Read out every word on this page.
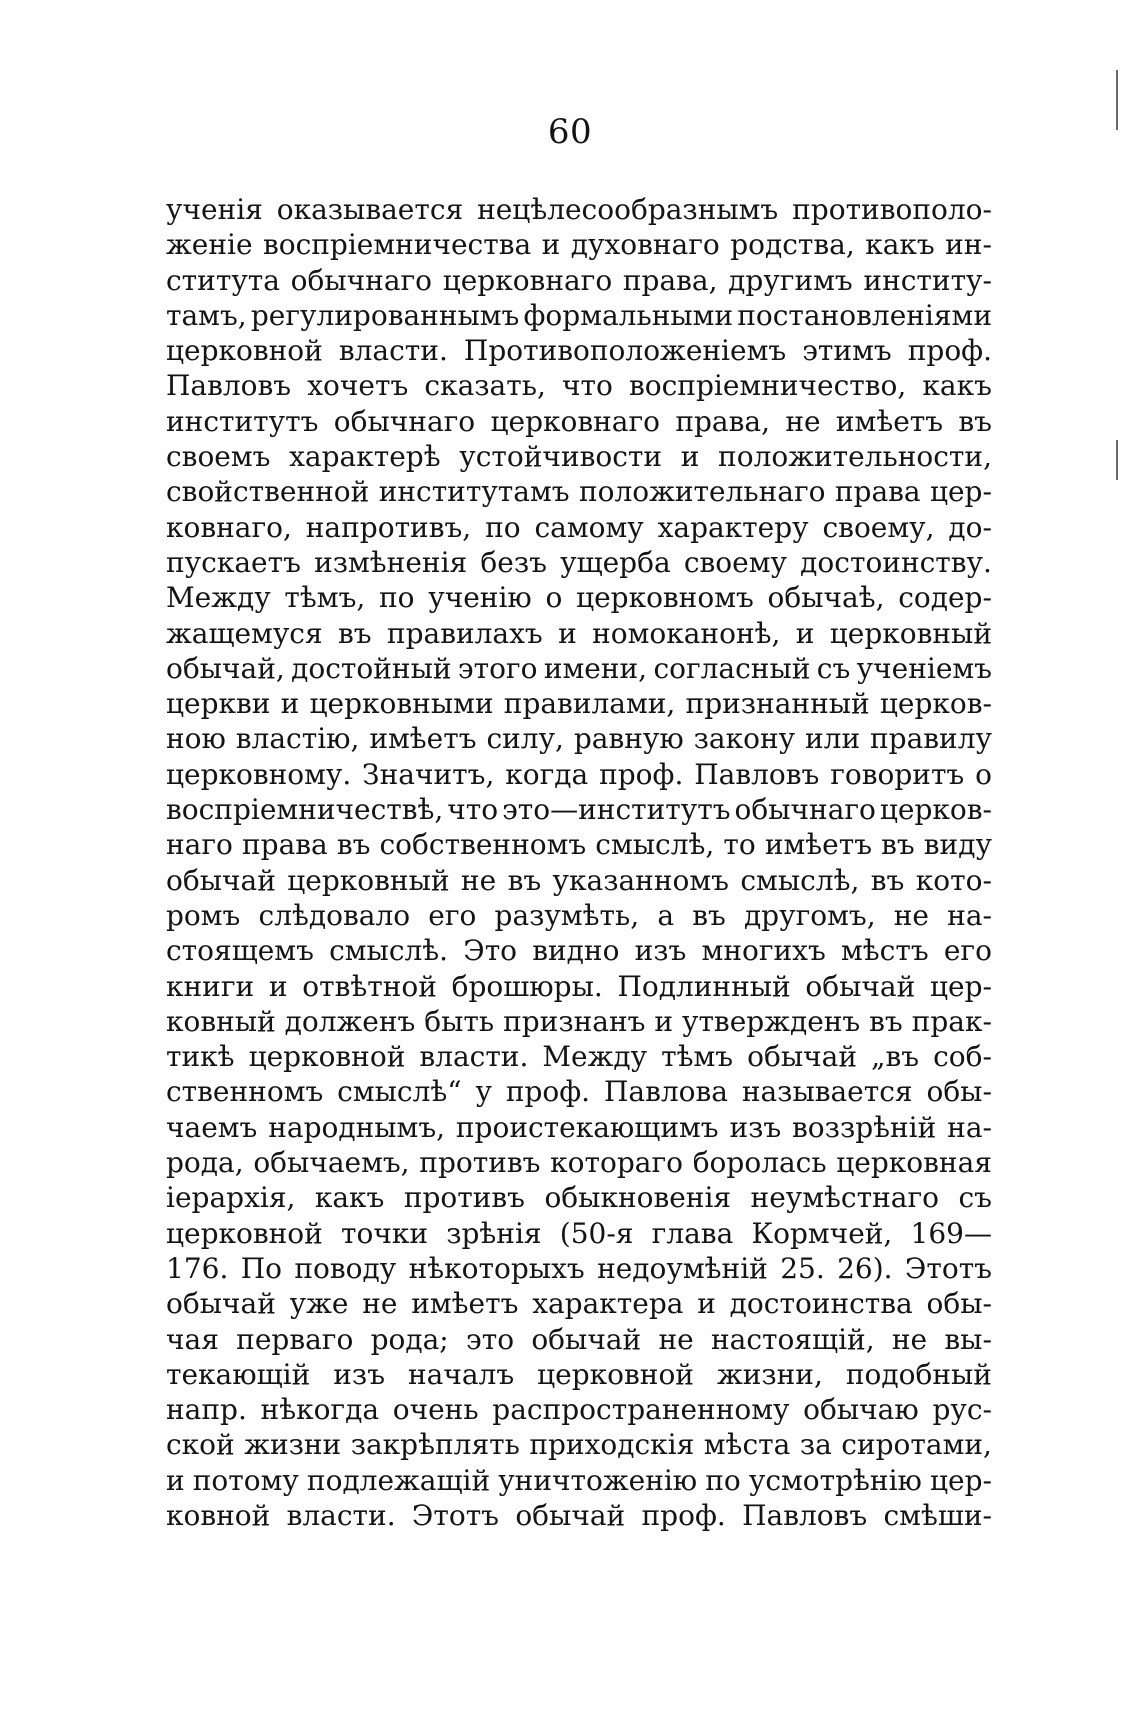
60
ученія оказывается нецѣлесообразнымъ противополо-
женіе воспріемничества и духовнаго родства, какъ ин-
ститута обычнаго церковнаго права, другимъ институ-
тамъ, регулированнымъ формальными постановленіями
церковной власти. Противоположеніемъ этимъ проф.
Павловъ хочетъ сказать, что воспріемничество, какъ
институтъ обычнаго церковнаго права, не имѣетъ въ
своемъ характерѣ устойчивости и положительности,
свойственной институтамъ положительнаго права цер-
ковнаго, напротивъ, по самому характеру своему, до-
пускаетъ измѣненія безъ ущерба своему достоинству.
Между тѣмъ, по ученію о церковномъ обычаѣ, содер-
жащемуся въ правилахъ и номоканонѣ, и церковный
обычай, достойный этого имени, согласный съ ученіемъ
церкви и церковными правилами, признанный церков-
ною властію, имѣетъ силу, равную закону или правилу
церковному. Значитъ, когда проф. Павловъ говоритъ о
воспріемничествѣ, что это—институтъ обычнаго церков-
наго права въ собственномъ смыслѣ, то имѣетъ въ виду
обычай церковный не въ указанномъ смыслѣ, въ кото-
ромъ слѣдовало его разумѣть, а въ другомъ, не на-
стоящемъ смыслѣ. Это видно изъ многихъ мѣстъ его
книги и отвѣтной брошюры. Подлинный обычай цер-
ковный долженъ быть признанъ и утвержденъ въ прак-
тикѣ церковной власти. Между тѣмъ обычай „въ соб-
ственномъ смыслѣ“ у проф. Павлова называется обы-
чаемъ народнымъ, проистекающимъ изъ воззрѣній на-
рода, обычаемъ, противъ котораго боролась церковная
іерархія, какъ противъ обыкновенія неумѣстнаго съ
церковной точки зрѣнія (50-я глава Кормчей, 169—
176. По поводу нѣкоторыхъ недоумѣній 25. 26). Этотъ
обычай уже не имѣетъ характера и достоинства обы-
чая перваго рода; это обычай не настоящій, не вы-
текающій изъ началъ церковной жизни, подобный
напр. нѣкогда очень распространенному обычаю рус-
ской жизни закрѣплять приходскія мѣста за сиротами,
и потому подлежащій уничтоженію по усмотрѣнію цер-
ковной власти. Этотъ обычай проф. Павловъ смѣши-
